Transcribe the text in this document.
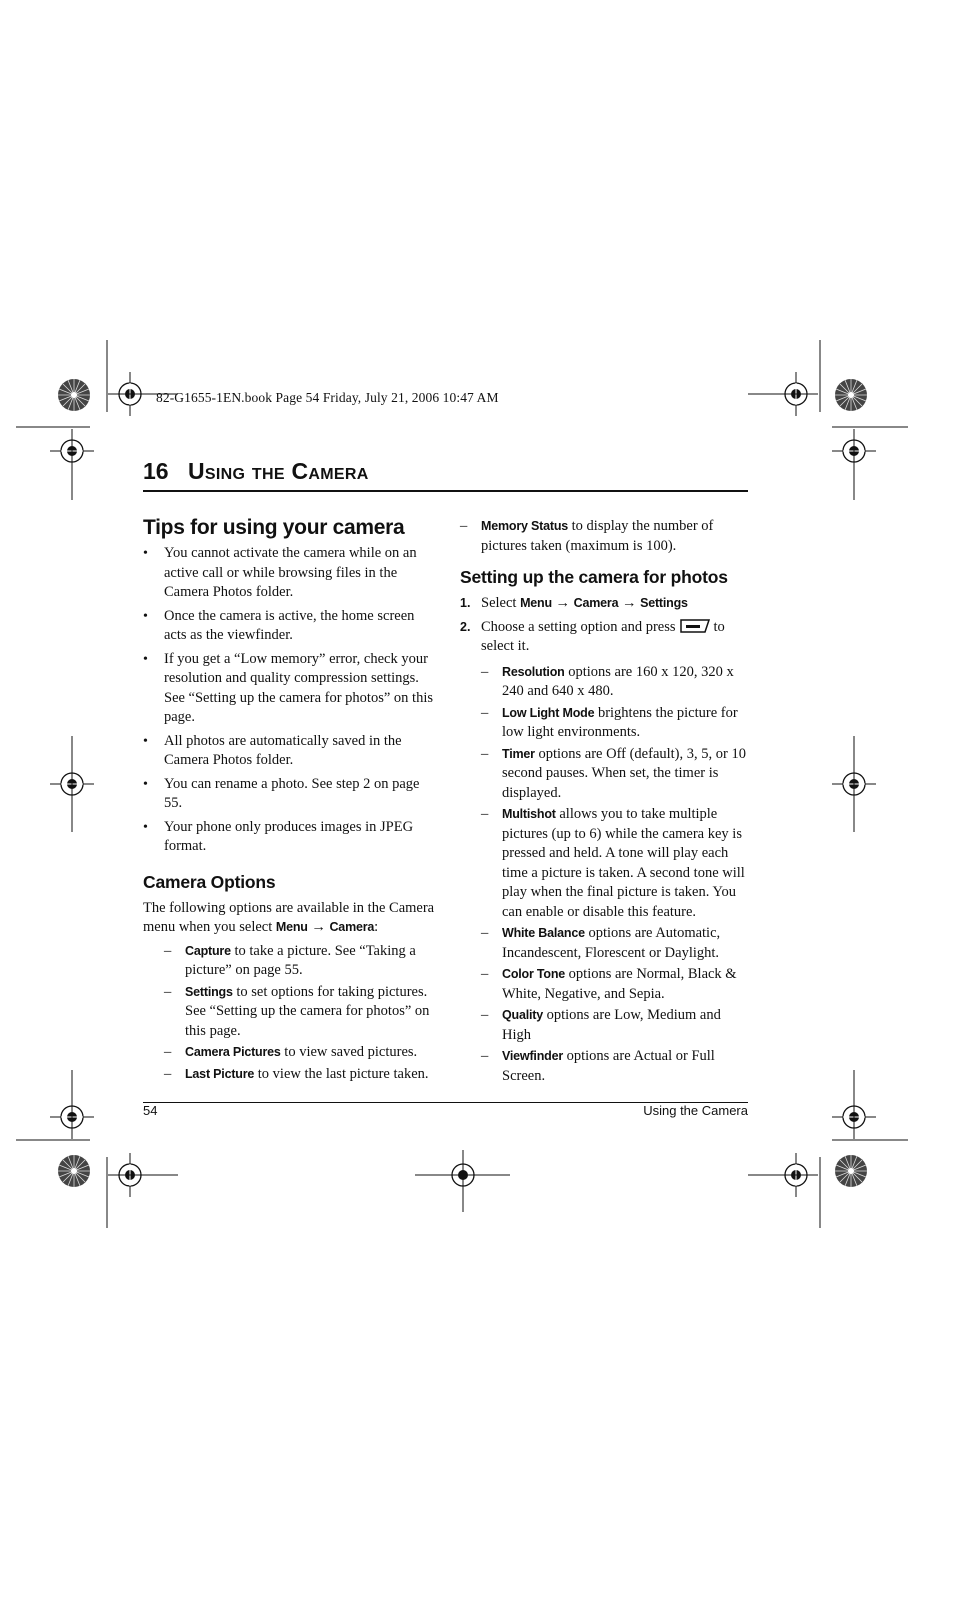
82-G1655-1EN.book Page 54 Friday, July 21, 2006 10:47 AM
16 Using the Camera
Tips for using your camera
• You cannot activate the camera while on an active call or while browsing files in the Camera Photos folder.
• Once the camera is active, the home screen acts as the viewfinder.
• If you get a “Low memory” error, check your resolution and quality compression settings. See “Setting up the camera for photos” on this page.
• All photos are automatically saved in the Camera Photos folder.
• You can rename a photo. See step 2 on page 55.
• Your phone only produces images in JPEG format.
Camera Options
The following options are available in the Camera menu when you select Menu → Camera:
– Capture to take a picture. See “Taking a picture” on page 55.
– Settings to set options for taking pictures. See “Setting up the camera for photos” on this page.
– Camera Pictures to view saved pictures.
– Last Picture to view the last picture taken.
– Memory Status to display the number of pictures taken (maximum is 100).
Setting up the camera for photos
1. Select Menu → Camera → Settings
2. Choose a setting option and press	to select it.
– Resolution options are 160 x 120, 320 x 240 and 640 x 480.
– Low Light Mode brightens the picture for low light environments.
– Timer options are Off (default), 3, 5, or 10 second pauses. When set, the timer is displayed.
– Multishot allows you to take multiple pictures (up to 6) while the camera key is pressed and held. A tone will play each time a picture is taken. A second tone will play when the final picture is taken. You can enable or disable this feature.
– White Balance options are Automatic, Incandescent, Florescent or Daylight.
– Color Tone options are Normal, Black & White, Negative, and Sepia.
– Quality options are Low, Medium and High
– Viewfinder options are Actual or Full Screen.
54	Using the Camera
